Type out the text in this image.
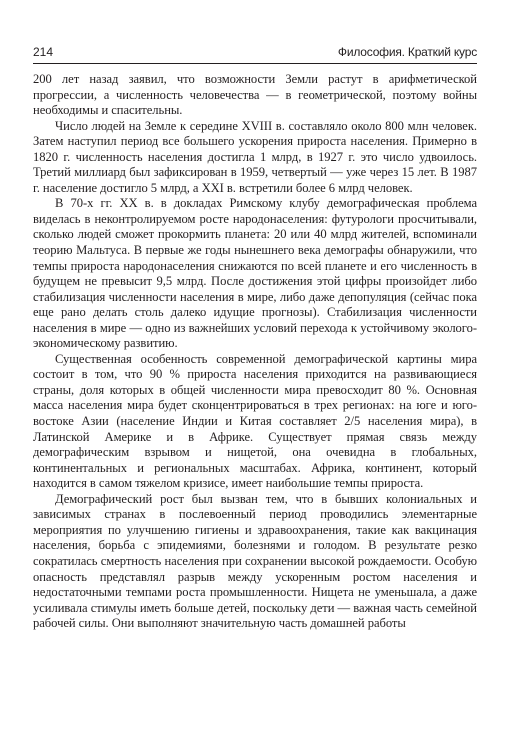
214	Философия. Краткий курс

200 лет назад заявил, что возможности Земли растут в арифметической прогрессии, а численность человечества — в геометрической, поэтому войны необходимы и спасительны.

Число людей на Земле к середине XVIII в. составляло около 800 млн человек. Затем наступил период все большего ускорения прироста населения. Примерно в 1820 г. численность населения достигла 1 млрд, в 1927 г. это число удвоилось. Третий миллиард был зафиксирован в 1959, четвертый — уже через 15 лет. В 1987 г. население достигло 5 млрд, а XXI в. встретили более 6 млрд человек.

В 70-х гг. XX в. в докладах Римскому клубу демографическая проблема виделась в неконтролируемом росте народонаселения: футурологи просчитывали, сколько людей сможет прокормить планета: 20 или 40 млрд жителей, вспоминали теорию Мальтуса. В первые же годы нынешнего века демографы обнаружили, что темпы прироста народонаселения снижаются по всей планете и его численность в будущем не превысит 9,5 млрд. После достижения этой цифры произойдет либо стабилизация численности населения в мире, либо даже депопуляция (сейчас пока еще рано делать столь далеко идущие прогнозы). Стабилизация численности населения в мире — одно из важнейших условий перехода к устойчивому эколого-экономическому развитию.

Существенная особенность современной демографической картины мира состоит в том, что 90 % прироста населения приходится на развивающиеся страны, доля которых в общей численности мира превосходит 80 %. Основная масса населения мира будет сконцентрироваться в трех регионах: на юге и юго-востоке Азии (население Индии и Китая составляет 2/5 населения мира), в Латинской Америке и в Африке. Существует прямая связь между демографическим взрывом и нищетой, она очевидна в глобальных, континентальных и региональных масштабах. Африка, континент, который находится в самом тяжелом кризисе, имеет наибольшие темпы прироста.

Демографический рост был вызван тем, что в бывших колониальных и зависимых странах в послевоенный период проводились элементарные мероприятия по улучшению гигиены и здравоохранения, такие как вакцинация населения, борьба с эпидемиями, болезнями и голодом. В результате резко сократилась смертность населения при сохранении высокой рождаемости. Особую опасность представлял разрыв между ускоренным ростом населения и недостаточными темпами роста промышленности. Нищета не уменьшала, а даже усиливала стимулы иметь больше детей, поскольку дети — важная часть семейной рабочей силы. Они выполняют значительную часть домашней работы
